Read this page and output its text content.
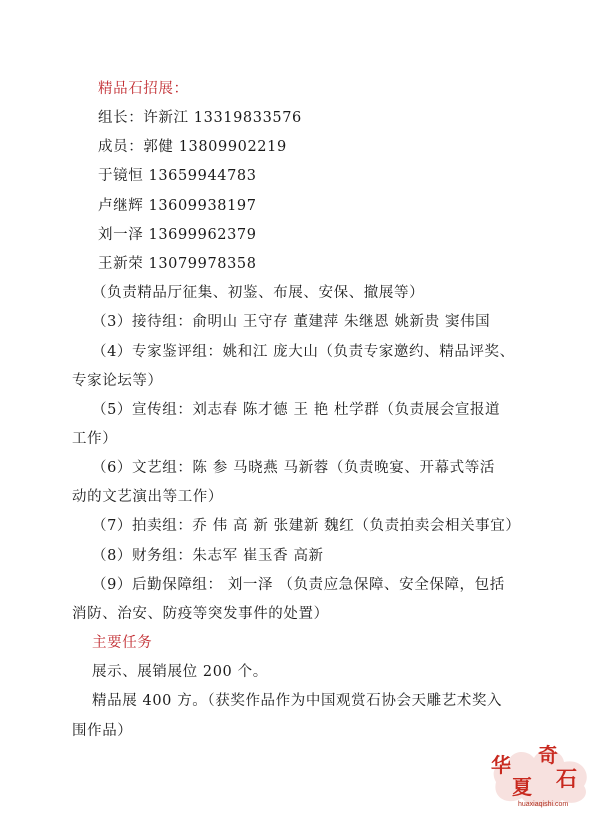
精品石招展：
组长：许新江 13319833576
成员：郭健 13809902219
于镜恒 13659944783
卢继辉 13609938197
刘一泽 13699962379
王新荣 13079978358
（负责精品厅征集、初鉴、布展、安保、撤展等）
（3）接待组：俞明山 王守存 董建萍 朱继恩 姚新贵 窦伟国
（4）专家鉴评组：姚和江 庞大山（负责专家邀约、精品评奖、
专家论坛等）
（5）宣传组：刘志春 陈才德 王 艳 杜学群（负责展会宣报道
工作）
（6）文艺组：陈 参 马晓燕 马新蓉（负责晚宴、开幕式等活
动的文艺演出等工作）
（7）拍卖组：乔 伟 高 新 张建新 魏红（负责拍卖会相关事宜）
（8）财务组：朱志军 崔玉香 高新
（9）后勤保障组： 刘一泽 （负责应急保障、安全保障，包括
消防、治安、防疫等突发事件的处置）
主要任务
展示、展销展位 200 个。
精品展 400 方。（获奖作品作为中国观赏石协会天雕艺术奖入
围作品）
华
夏
奇
石
huaxiaqishi.com
